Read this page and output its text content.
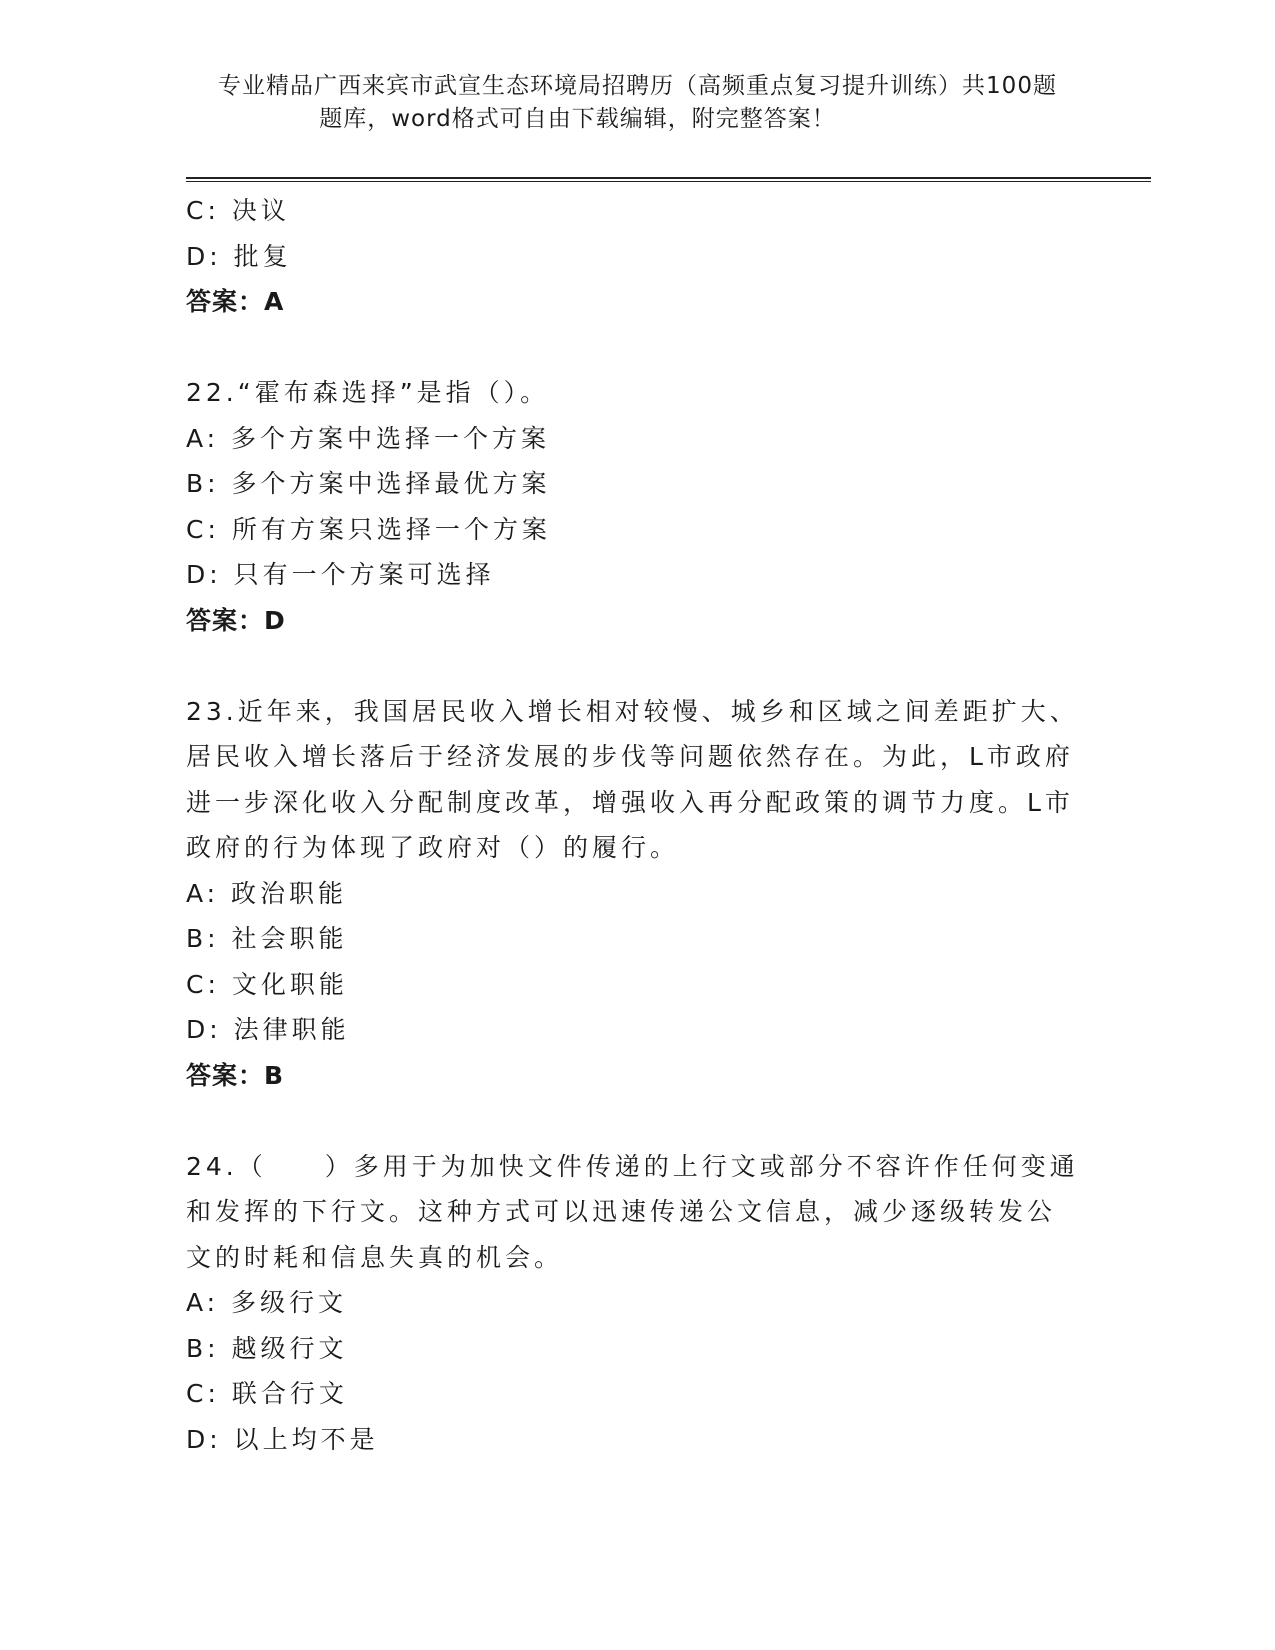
专业精品广西来宾市武宣生态环境局招聘历（高频重点复习提升训练）共100题
题库，word格式可自由下载编辑，附完整答案！
C: 决议
D: 批复
答案：A
22.“霍布森选择”是指（）。
A: 多个方案中选择一个方案
B: 多个方案中选择最优方案
C: 所有方案只选择一个方案
D: 只有一个方案可选择
答案：D
23.近年来，我国居民收入增长相对较慢、城乡和区域之间差距扩大、
居民收入增长落后于经济发展的步伐等问题依然存在。为此，L市政府
进一步深化收入分配制度改革，增强收入再分配政策的调节力度。L市
政府的行为体现了政府对（）的履行。
A: 政治职能
B: 社会职能
C: 文化职能
D: 法律职能
答案：B
24.（　　）多用于为加快文件传递的上行文或部分不容许作任何变通
和发挥的下行文。这种方式可以迅速传递公文信息，减少逐级转发公
文的时耗和信息失真的机会。
A: 多级行文
B: 越级行文
C: 联合行文
D: 以上均不是
